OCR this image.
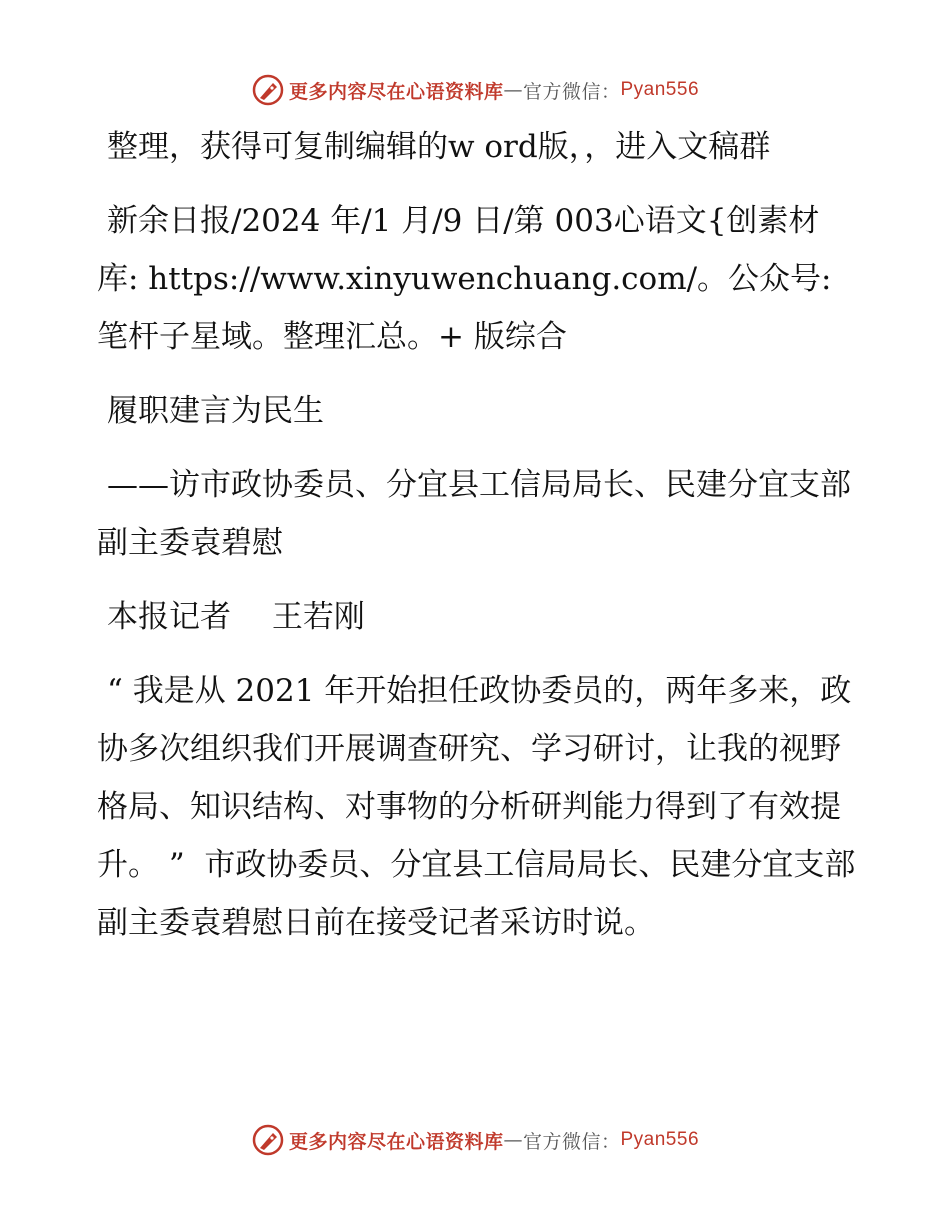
更多内容尽在心语资料库 — 官方微信： Pyan556

整理，获得可复制编辑的w ord版，，进入文稿群

新余日报/2024 年/1 月/9 日/第 003心语文{创素材库: https://www.xinyuwenchuang.com/。公众号: 笔杆子星域。整理汇总。+ 版综合

履职建言为民生

——访市政协委员、分宜县工信局局长、民建分宜支部副主委袁碧慰

本报记者　 王若刚

“ 我是从 2021 年开始担任政协委员的，两年多来，政协多次组织我们开展调查研究、学习研讨，让我的视野格局、知识结构、对事物的分析研判能力得到了有效提升。 ”  市政协委员、分宜县工信局局长、民建分宜支部副主委袁碧慰日前在接受记者采访时说。

更多内容尽在心语资料库 — 官方微信： Pyan556
